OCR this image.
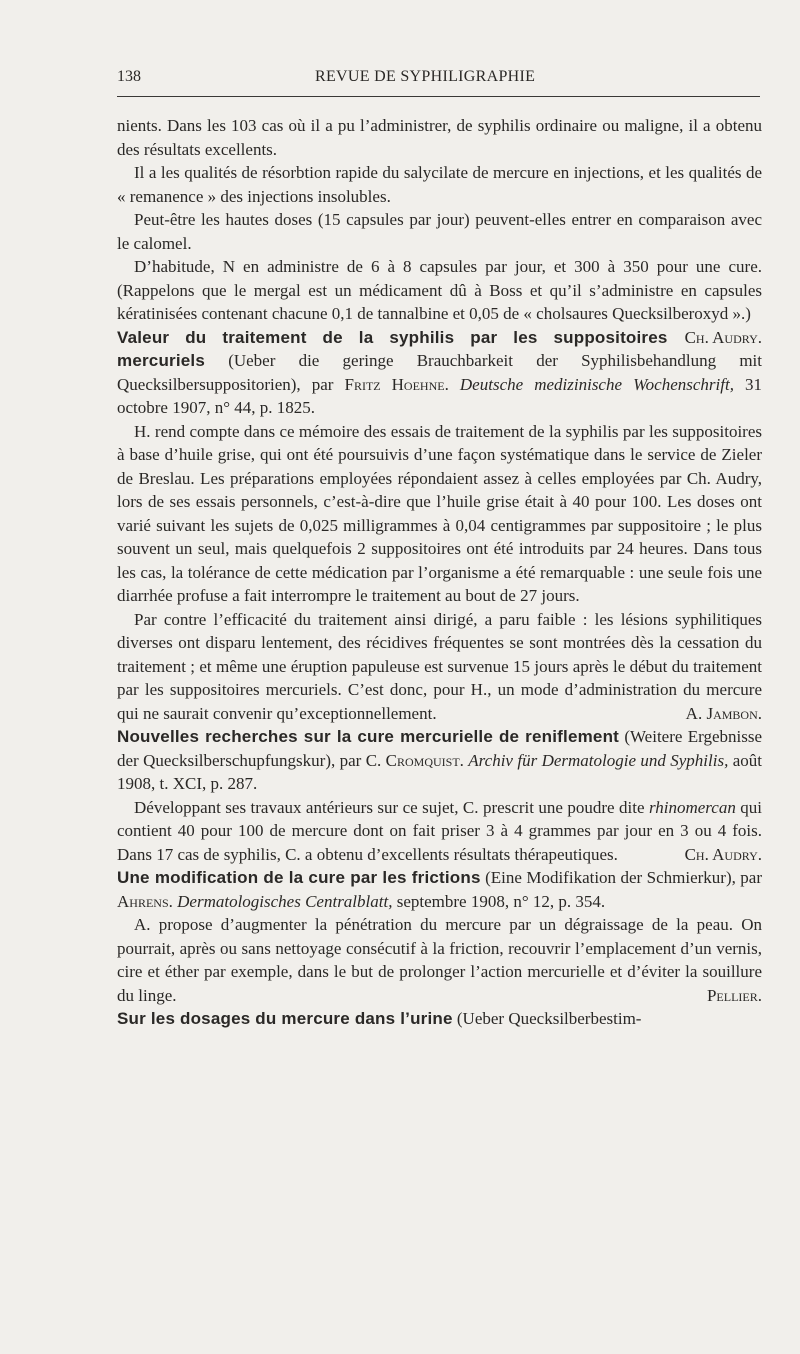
138	REVUE DE SYPHILIGRAPHIE

nients. Dans les 103 cas où il a pu l’administrer, de syphilis ordinaire ou maligne, il a obtenu des résultats excellents.

Il a les qualités de résorbtion rapide du salycilate de mercure en injections, et les qualités de « remanence » des injections insolubles.

Peut-être les hautes doses (15 capsules par jour) peuvent-elles entrer en comparaison avec le calomel.

D’habitude, N en administre de 6 à 8 capsules par jour, et 300 à 350 pour une cure. (Rappelons que le mergal est un médicament dû à Boss et qu’il s’administre en capsules kératinisées contenant chacune 0,1 de tannalbine et 0,05 de « cholsaures Quecksilberoxyd ».)
Ch. Audry.

Valeur du traitement de la syphilis par les suppositoires mercuriels (Ueber die geringe Brauchbarkeit der Syphilisbehandlung mit Quecksilbersuppositorien), par Fritz Hoehne. Deutsche medizinische Wochenschrift, 31 octobre 1907, n° 44, p. 1825.

H. rend compte dans ce mémoire des essais de traitement de la syphilis par les suppositoires à base d’huile grise, qui ont été poursuivis d’une façon systématique dans le service de Zieler de Breslau. Les préparations employées répondaient assez à celles employées par Ch. Audry, lors de ses essais personnels, c’est-à-dire que l’huile grise était à 40 pour 100. Les doses ont varié suivant les sujets de 0,025 milligrammes à 0,04 centigrammes par suppositoire ; le plus souvent un seul, mais quelquefois 2 suppositoires ont été introduits par 24 heures. Dans tous les cas, la tolérance de cette médication par l’organisme a été remarquable : une seule fois une diarrhée profuse a fait interrompre le traitement au bout de 27 jours.

Par contre l’efficacité du traitement ainsi dirigé, a paru faible : les lésions syphilitiques diverses ont disparu lentement, des récidives fréquentes se sont montrées dès la cessation du traitement ; et même une éruption papuleuse est survenue 15 jours après le début du traitement par les suppositoires mercuriels. C’est donc, pour H., un mode d’administration du mercure qui ne saurait convenir qu’exceptionnellement.	A. Jambon.

Nouvelles recherches sur la cure mercurielle de reniflement (Weitere Ergebnisse der Quecksilberschupfungskur), par C. Cromquist. Archiv für Dermatologie und Syphilis, août 1908, t. XCI, p. 287.

Développant ses travaux antérieurs sur ce sujet, C. prescrit une poudre dite rhinomercan qui contient 40 pour 100 de mercure dont on fait priser 3 à 4 grammes par jour en 3 ou 4 fois. Dans 17 cas de syphilis, C. a obtenu d’excellents résultats thérapeutiques.	Ch. Audry.

Une modification de la cure par les frictions (Eine Modifikation der Schmierkur), par Ahrens. Dermatologisches Centralblatt, septembre 1908, n° 12, p. 354.

A. propose d’augmenter la pénétration du mercure par un dégraissage de la peau. On pourrait, après ou sans nettoyage consécutif à la friction, recouvrir l’emplacement d’un vernis, cire et éther par exemple, dans le but de prolonger l’action mercurielle et d’éviter la souillure du linge.	Pellier.

Sur les dosages du mercure dans l’urine (Ueber Quecksilberbestim-
